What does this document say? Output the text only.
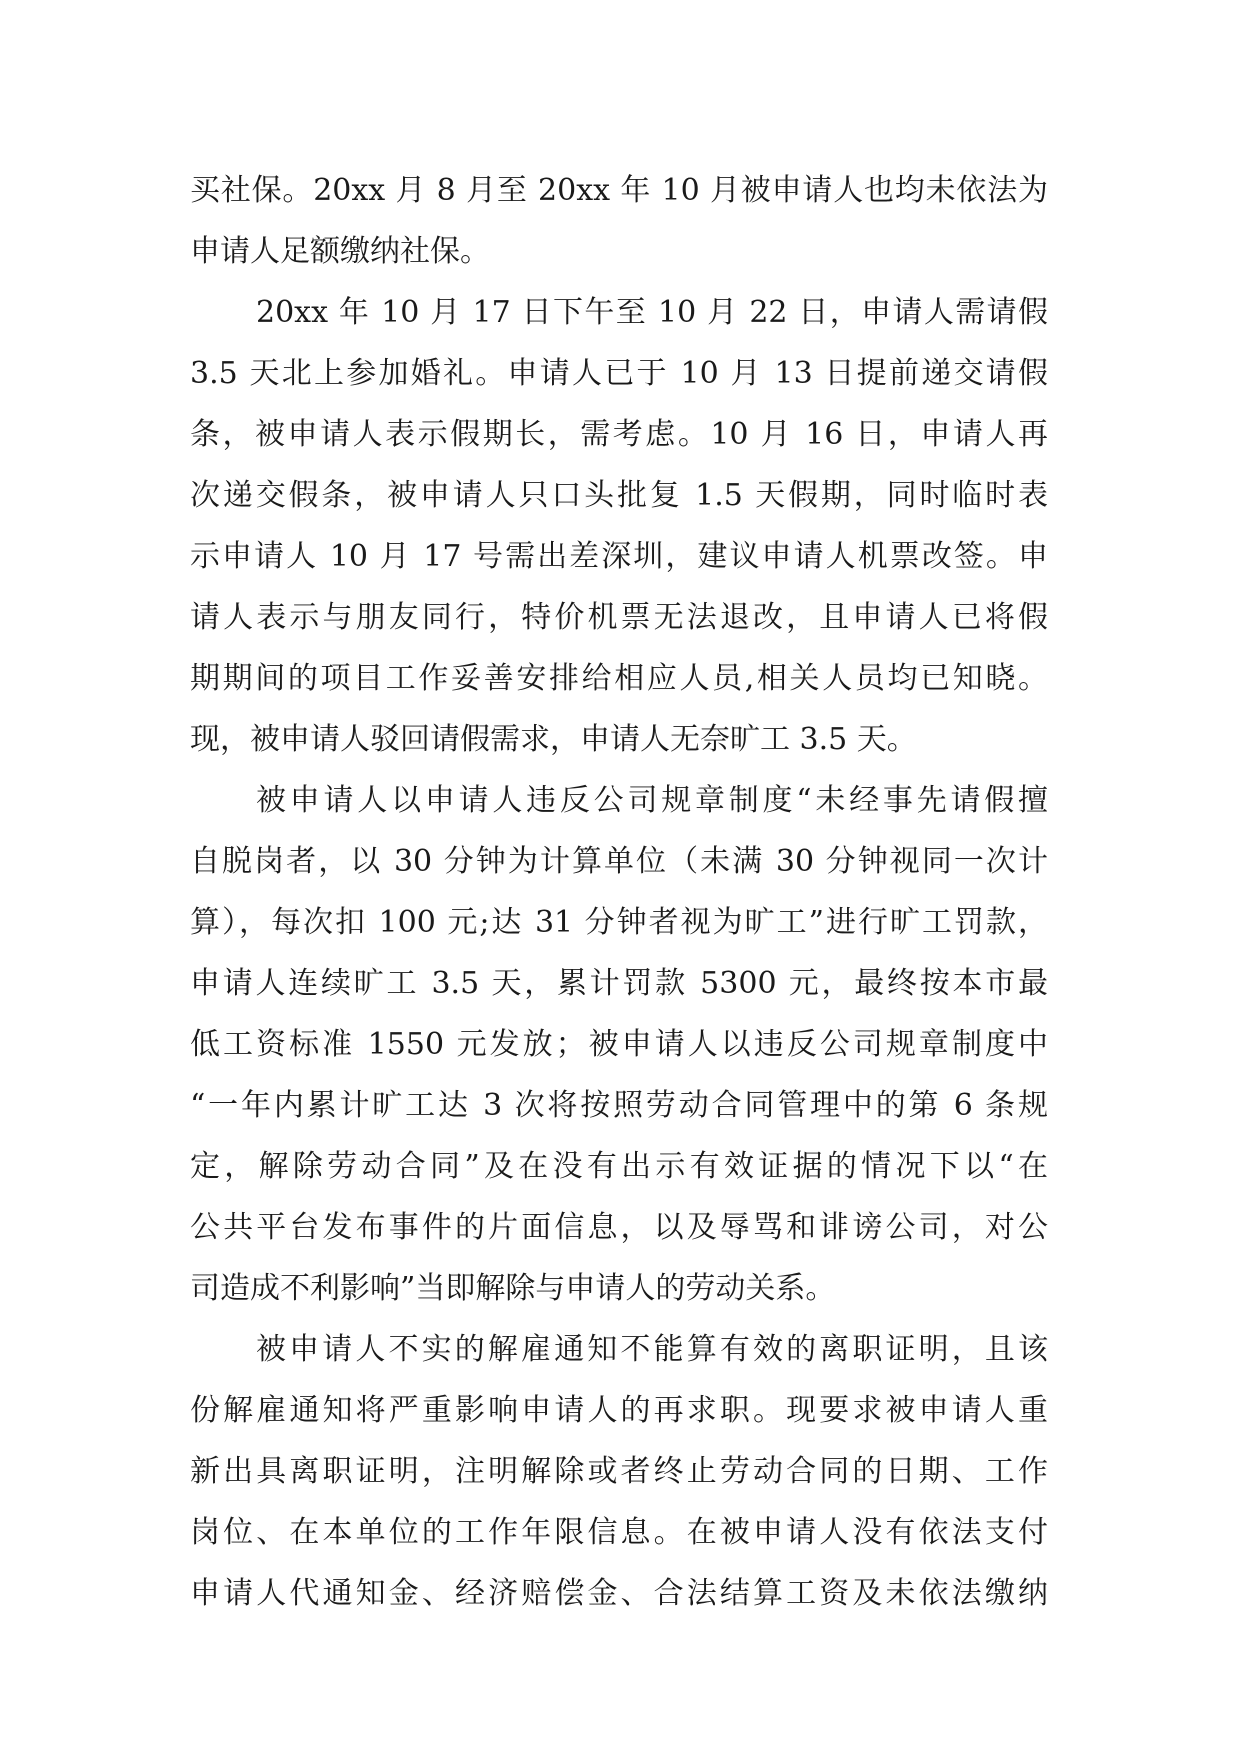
买社保。20xx 月 8 月至 20xx 年 10 月被申请人也均未依法为
申请人足额缴纳社保。
20xx 年 10 月 17 日下午至 10 月 22 日，申请人需请假
3.5 天北上参加婚礼。申请人已于 10 月 13 日提前递交请假
条，被申请人表示假期长，需考虑。10 月 16 日，申请人再
次递交假条，被申请人只口头批复 1.5 天假期，同时临时表
示申请人 10 月 17 号需出差深圳，建议申请人机票改签。申
请人表示与朋友同行，特价机票无法退改，且申请人已将假
期期间的项目工作妥善安排给相应人员,相关人员均已知晓。
现，被申请人驳回请假需求，申请人无奈旷工 3.5 天。
被申请人以申请人违反公司规章制度“未经事先请假擅
自脱岗者，以 30 分钟为计算单位（未满 30 分钟视同一次计
算），每次扣 100 元;达 31 分钟者视为旷工”进行旷工罚款，
申请人连续旷工 3.5 天，累计罚款 5300 元，最终按本市最
低工资标准 1550 元发放；被申请人以违反公司规章制度中
“一年内累计旷工达 3 次将按照劳动合同管理中的第 6 条规
定，解除劳动合同”及在没有出示有效证据的情况下以“在
公共平台发布事件的片面信息，以及辱骂和诽谤公司，对公
司造成不利影响”当即解除与申请人的劳动关系。
被申请人不实的解雇通知不能算有效的离职证明，且该
份解雇通知将严重影响申请人的再求职。现要求被申请人重
新出具离职证明，注明解除或者终止劳动合同的日期、工作
岗位、在本单位的工作年限信息。在被申请人没有依法支付
申请人代通知金、经济赔偿金、合法结算工资及未依法缴纳
